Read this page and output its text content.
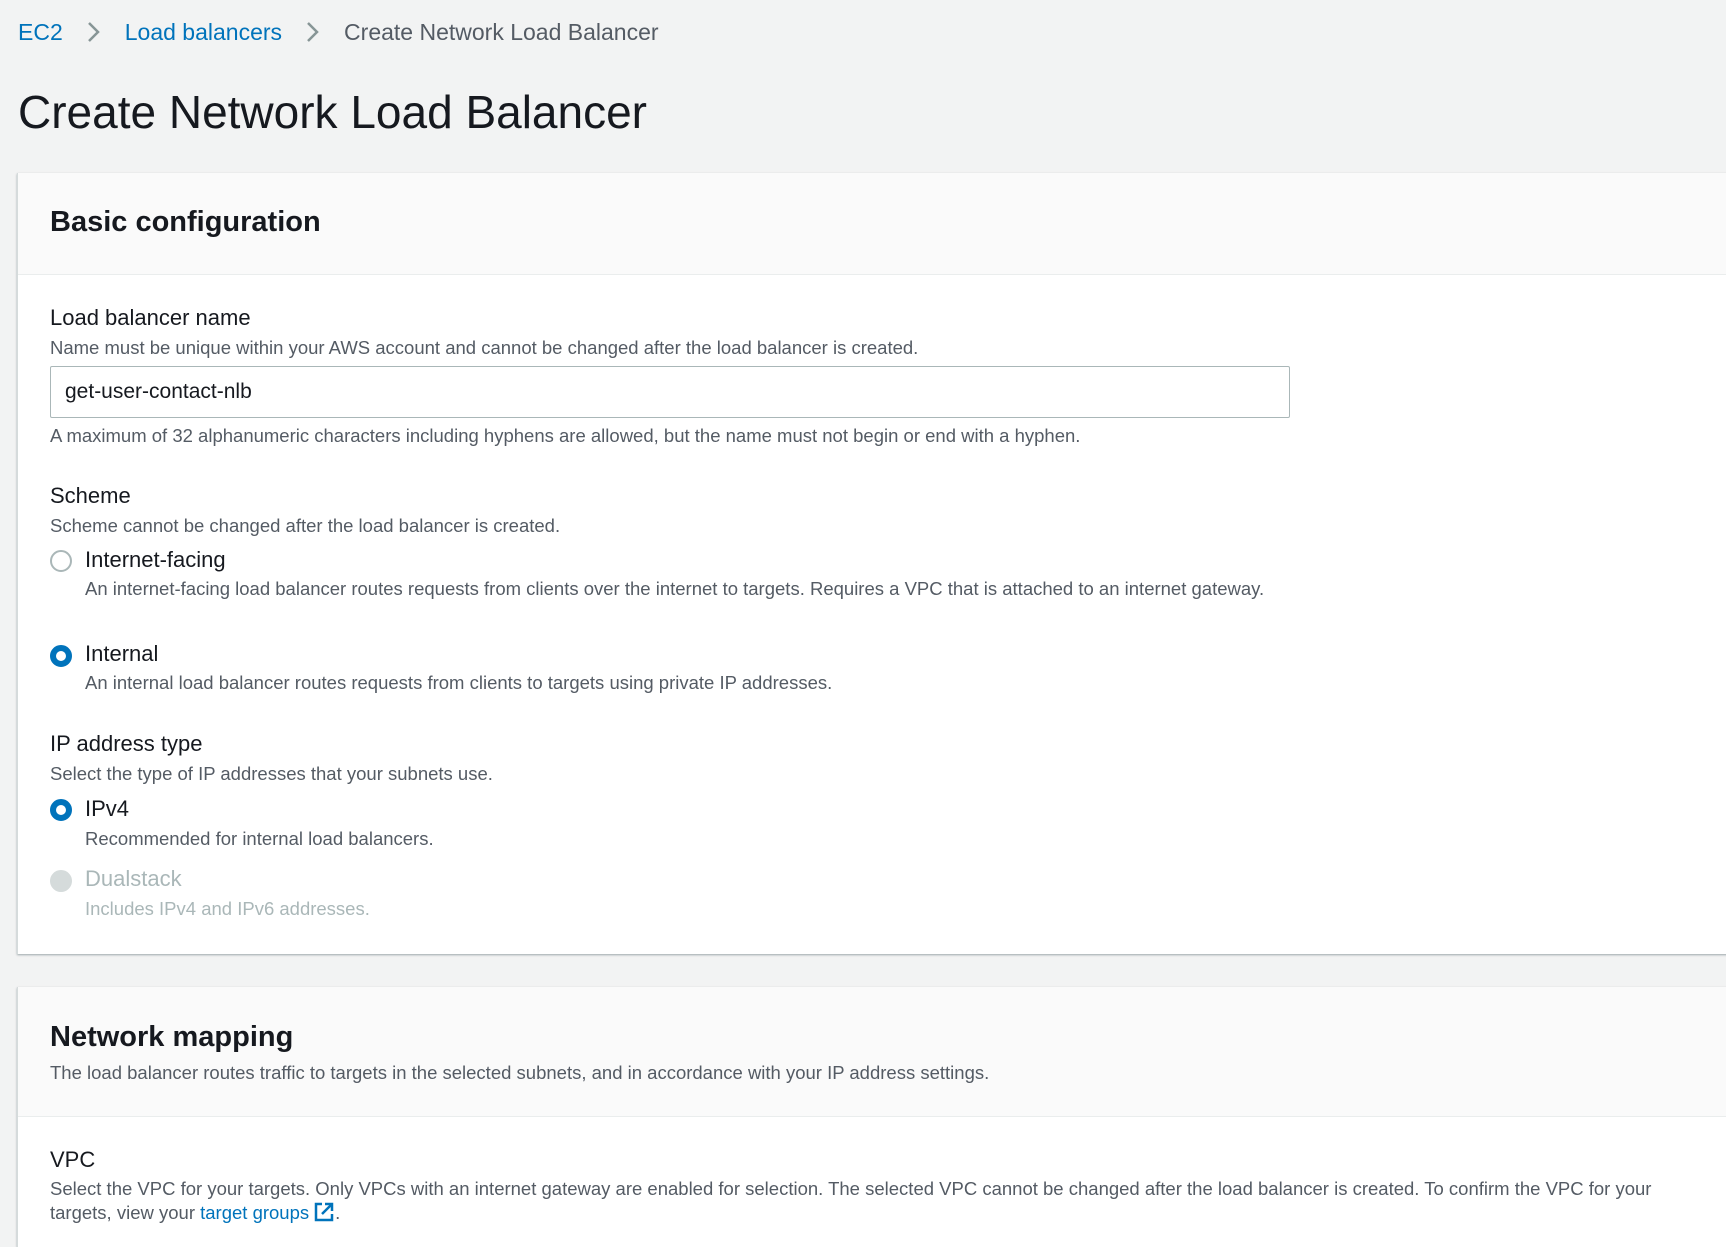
EC2	Load balancers	Create Network Load Balancer
Create Network Load Balancer
Basic configuration
Load balancer name
Name must be unique within your AWS account and cannot be changed after the load balancer is created.
get-user-contact-nlb
A maximum of 32 alphanumeric characters including hyphens are allowed, but the name must not begin or end with a hyphen.
Scheme
Scheme cannot be changed after the load balancer is created.
Internet-facing
An internet-facing load balancer routes requests from clients over the internet to targets. Requires a VPC that is attached to an internet gateway.
Internal
An internal load balancer routes requests from clients to targets using private IP addresses.
IP address type
Select the type of IP addresses that your subnets use.
IPv4
Recommended for internal load balancers.
Dualstack
Includes IPv4 and IPv6 addresses.
Network mapping
The load balancer routes traffic to targets in the selected subnets, and in accordance with your IP address settings.
VPC
Select the VPC for your targets. Only VPCs with an internet gateway are enabled for selection. The selected VPC cannot be changed after the load balancer is created. To confirm the VPC for your targets, view your target groups .
